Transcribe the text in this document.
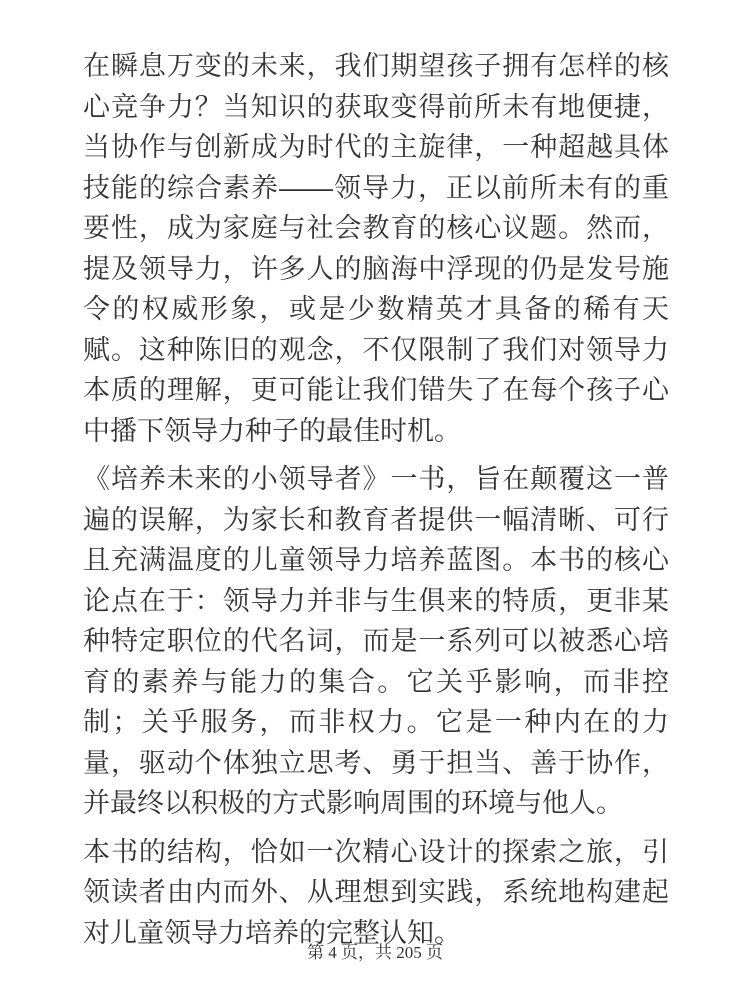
在瞬息万变的未来，我们期望孩子拥有怎样的核心竞争力？当知识的获取变得前所未有地便捷，当协作与创新成为时代的主旋律，一种超越具体技能的综合素养——领导力，正以前所未有的重要性，成为家庭与社会教育的核心议题。然而，提及领导力，许多人的脑海中浮现的仍是发号施令的权威形象，或是少数精英才具备的稀有天赋。这种陈旧的观念，不仅限制了我们对领导力本质的理解，更可能让我们错失了在每个孩子心中播下领导力种子的最佳时机。

《培养未来的小领导者》一书，旨在颠覆这一普遍的误解，为家长和教育者提供一幅清晰、可行且充满温度的儿童领导力培养蓝图。本书的核心论点在于：领导力并非与生俱来的特质，更非某种特定职位的代名词，而是一系列可以被悉心培育的素养与能力的集合。它关乎影响，而非控制；关乎服务，而非权力。它是一种内在的力量，驱动个体独立思考、勇于担当、善于协作，并最终以积极的方式影响周围的环境与他人。

本书的结构，恰如一次精心设计的探索之旅，引领读者由内而外、从理想到实践，系统地构建起对儿童领导力培养的完整认知。

第 4 页，共 205 页
